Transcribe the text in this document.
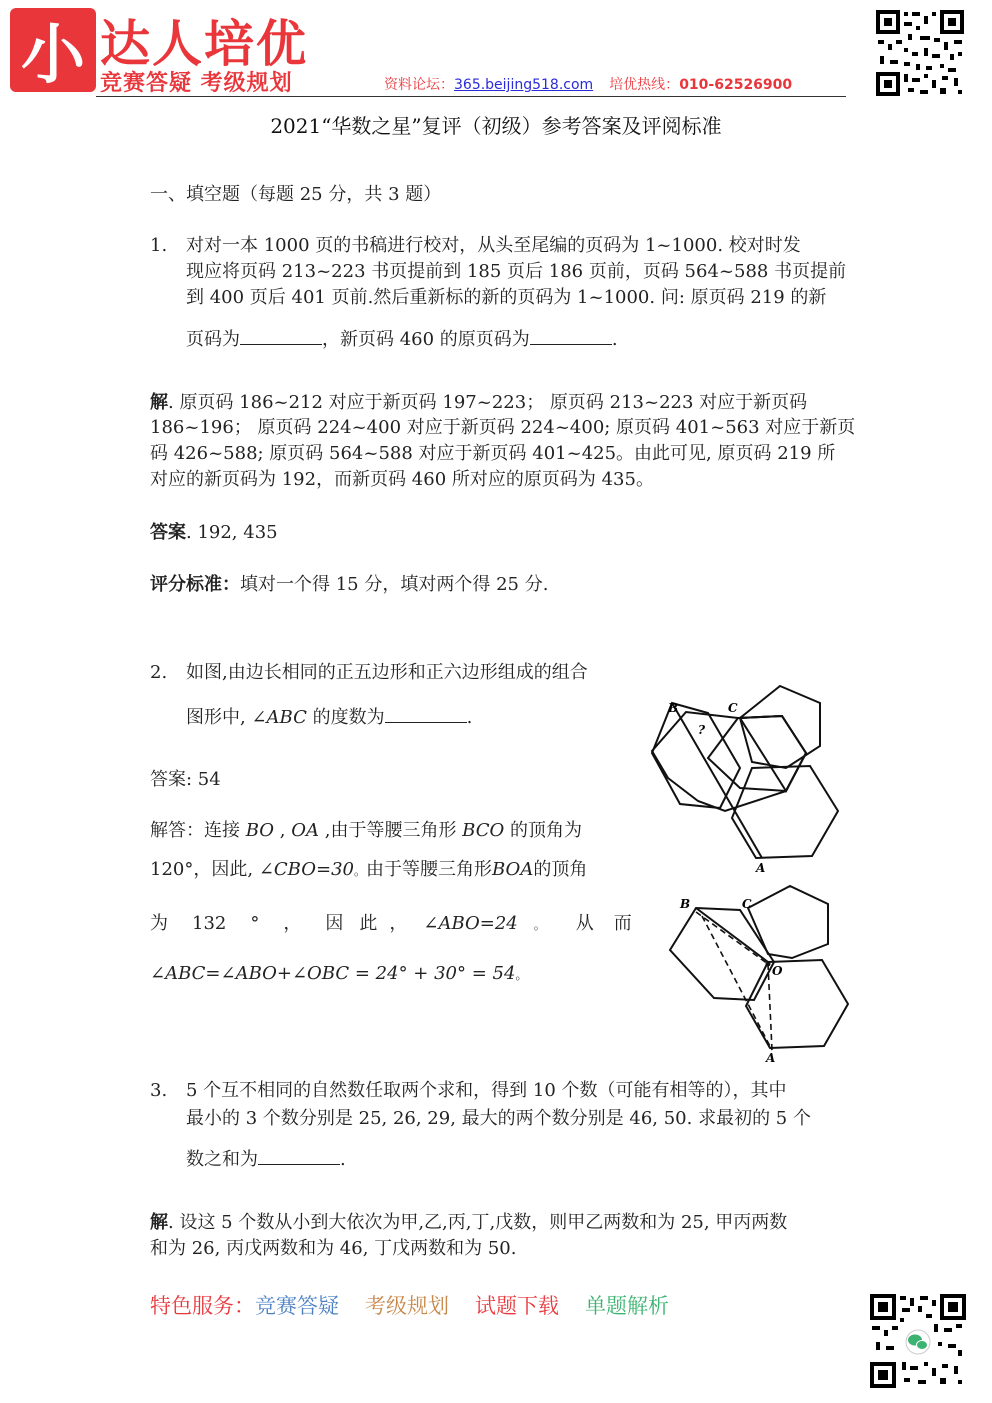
小 达人培优
竞赛答疑 考级规划	资料论坛：365.beijing518.com 培优热线：010-62526900
2021“华数之星”复评（初级）参考答案及评阅标准
一、填空题（每题 25 分，共 3 题）
1. 对对一本 1000 页的书稿进行校对，从头至尾编的页码为 1~1000. 校对时发
现应将页码 213~223 书页提前到 185 页后 186 页前，页码 564~588 书页提前
到 400 页后 401 页前.然后重新标的新的页码为 1~1000. 问: 原页码 219 的新
页码为	，新页码 460 的原页码为	.
解. 原页码 186~212 对应于新页码 197~223； 原页码 213~223 对应于新页码
186~196； 原页码 224~400 对应于新页码 224~400; 原页码 401~563 对应于新页
码 426~588; 原页码 564~588 对应于新页码 401~425。由此可见, 原页码 219 所
对应的新页码为 192，而新页码 460 所对应的原页码为 435。
答案. 192, 435
评分标准：填对一个得 15 分，填对两个得 25 分.
2. 如图,由边长相同的正五边形和正六边形组成的组合
图形中, ∠ABC 的度数为	.
答案: 54
解答：连接 BO , OA ,由于等腰三角形 BCO 的顶角为
120°，因此, ∠CBO=30。由于等腰三角形BOA的顶角
为 132 ° ， 因 此 ， ∠ABO=24 。 从 而
∠ABC=∠ABO+∠OBC = 24° + 30° = 54。
B	C
A
?
B	C
O
A
3. 5 个互不相同的自然数任取两个求和，得到 10 个数（可能有相等的），其中
最小的 3 个数分别是 25, 26, 29, 最大的两个数分别是 46, 50. 求最初的 5 个
数之和为	.
解. 设这 5 个数从小到大依次为甲,乙,丙,丁,戊数，则甲乙两数和为 25, 甲丙两数
和为 26, 丙戊两数和为 46, 丁戊两数和为 50.
特色服务：竞赛答疑 考级规划 试题下载 单题解析
